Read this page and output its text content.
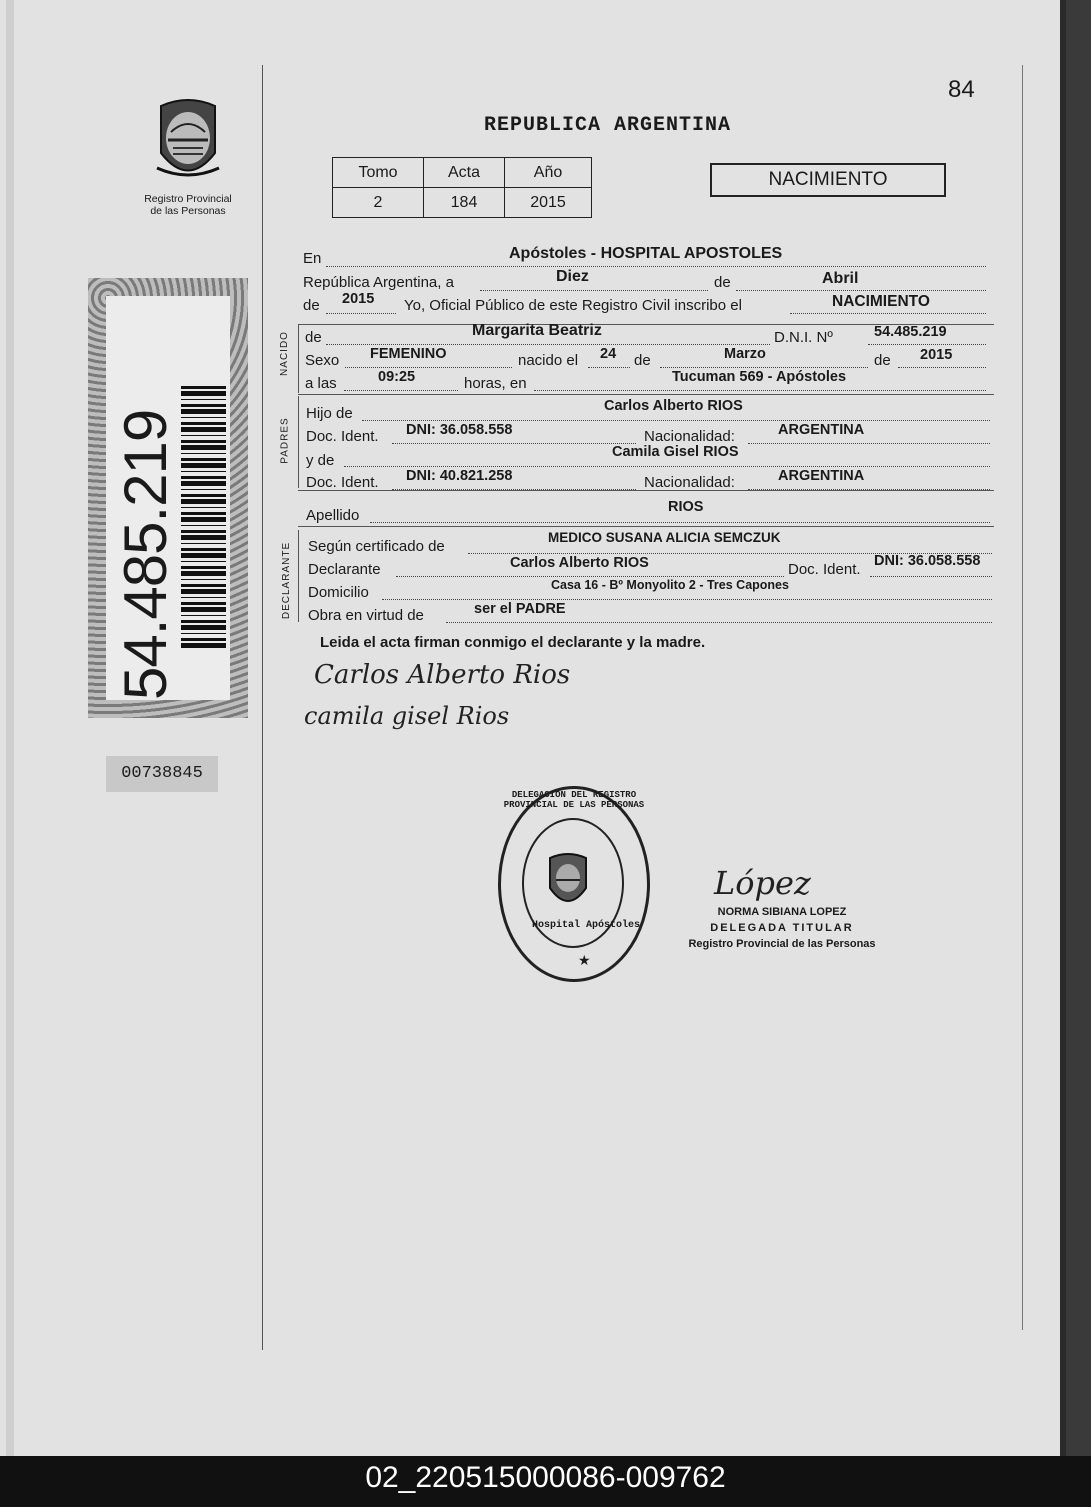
84
REPUBLICA ARGENTINA
Registro Provincial
de las Personas
Tomo	Acta	Año
2	184	2015
NACIMIENTO
54.485.219
00738845
NACIDO
PADRES
DECLARANTE
En	Apóstoles - HOSPITAL APOSTOLES
República Argentina, a	Diez	de	Abril
de 2015 Yo, Oficial Público de este Registro Civil inscribo el	NACIMIENTO
de	Margarita Beatriz	D.N.I. Nº	54.485.219
Sexo FEMENINO	nacido el 24 de	Marzo	de 2015
a las	09:25	horas, en	Tucuman 569 - Apóstoles
Hijo de	Carlos Alberto RIOS
Doc. Ident. DNI: 36.058.558	Nacionalidad:	ARGENTINA
y de	Camila Gisel RIOS
Doc. Ident. DNI: 40.821.258	Nacionalidad:	ARGENTINA
Apellido	RIOS
Según certificado de
MEDICO SUSANA ALICIA SEMCZUK
Declarante	Carlos Alberto RIOS	Doc. Ident. DNI: 36.058.558
Domicilio	Casa 16 - Bº Monyolito 2 - Tres Capones
Obra en virtud de	ser el PADRE
Leida el acta firman conmigo el declarante y la madre.
Carlos Alberto Rios
camila gisel Rios
DELEGACION DEL REGISTRO PROVINCIAL DE LAS PERSONAS
Hospital Apóstoles
★
López
NORMA SIBIANA LOPEZ
DELEGADA TITULAR
Registro Provincial de las Personas
02_220515000086-009762
